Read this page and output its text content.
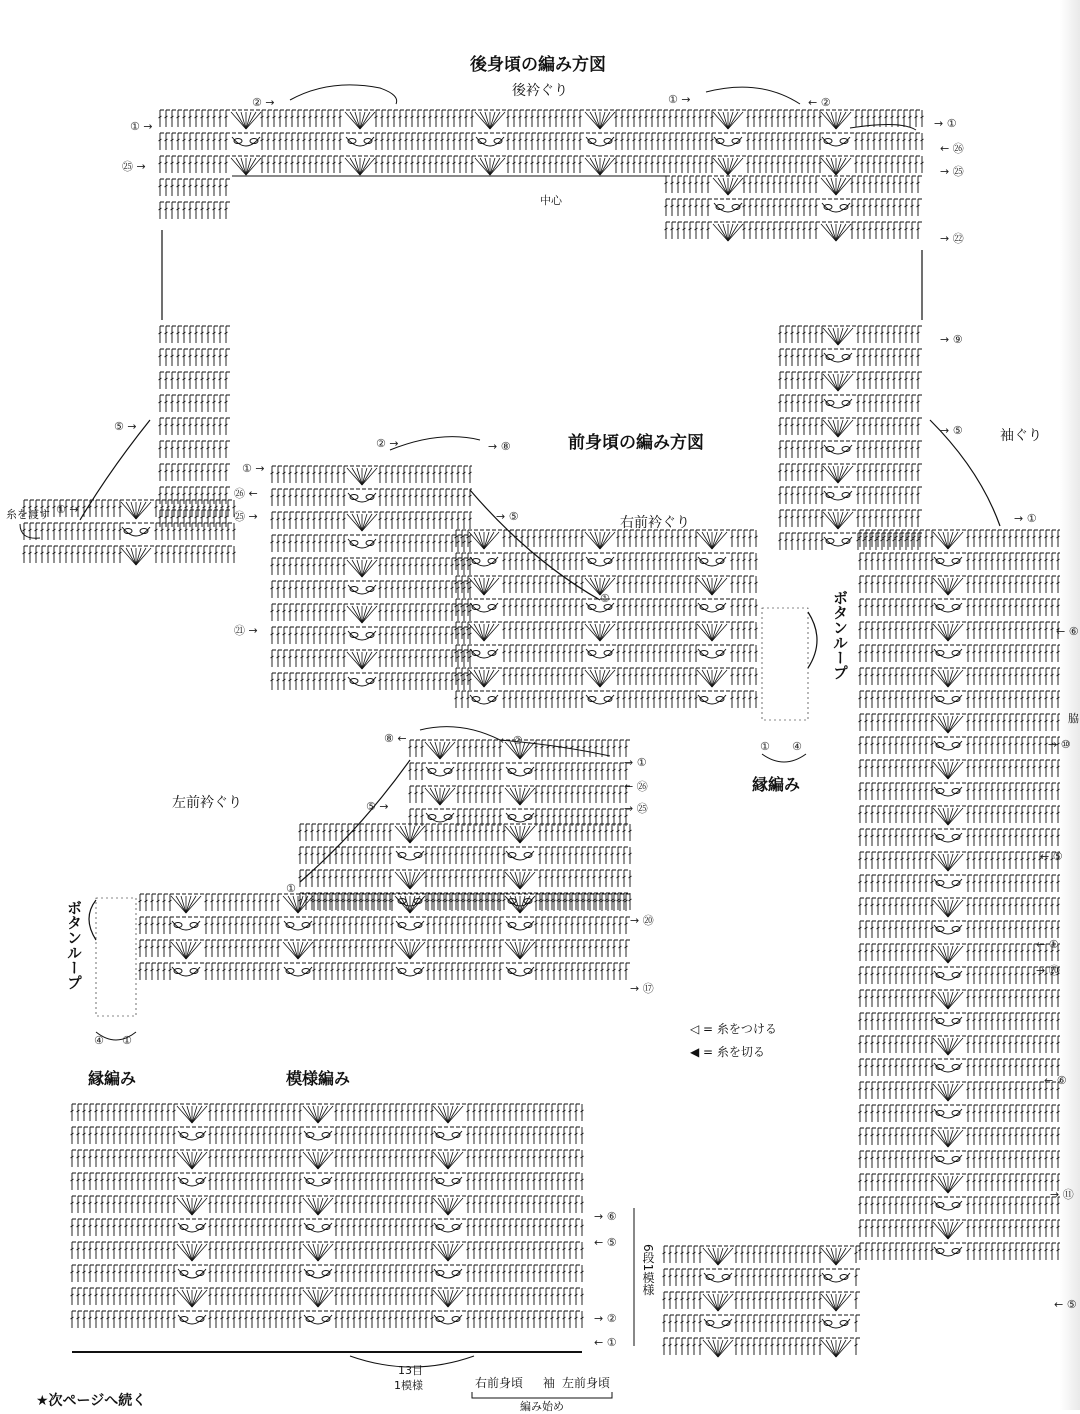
後身頃の編み方図
後衿ぐり
中心
前身頃の編み方図
右前衿ぐり
左前衿ぐり
袖ぐり
糸を渡す
脇
ボタンループ
ボタンループ
縁編み
縁編み	模様編み
◁ = 糸をつける
◀ = 糸を切る
13目
1模様
6段1模様
右前身頃 袖 左前身頃
編み始め
★次ページへ続く
① →
㉕ →
② →	① →	← ②
→ ①
← ㉖
→ ㉕
→ ㉒
→ ⑨
→ ⑤
→ ①
← ⑥
→ ⑩
← ⑤
← ①
→ ⑳
← ⑥
→ ⑪
← ⑤
⑤ →
① →
① →
㉖ ←
㉕ →
㉑ →
② →	→ ⑧
→ ⑤
①
① ④
⑧ ←	← ②
→ ①
← ㉖
→ ㉕
⑤ →
①
→ ⑳
→ ⑰
④ ①
→ ⑥
← ⑤
→ ②
← ①
